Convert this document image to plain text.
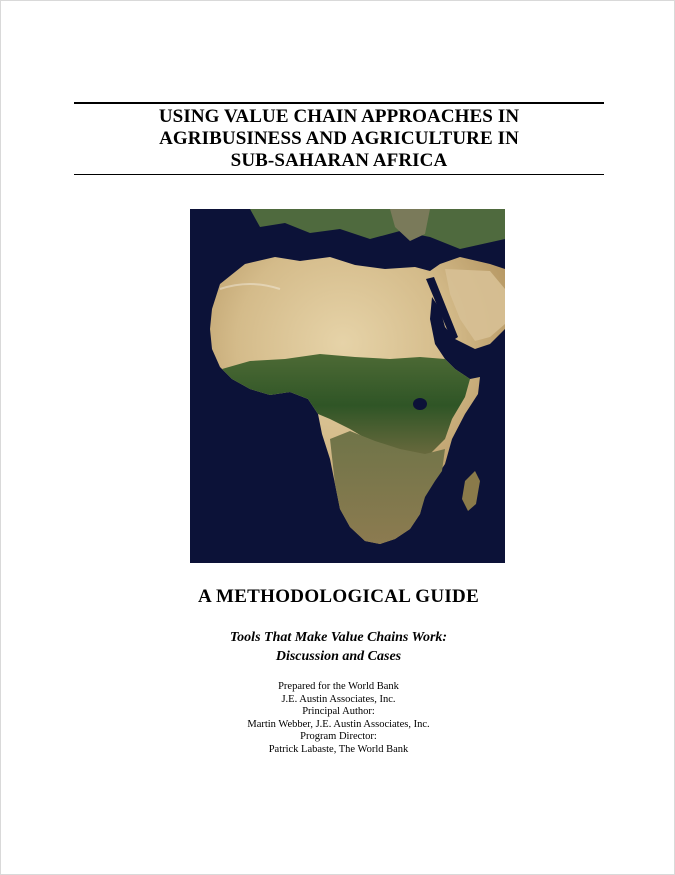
USING VALUE CHAIN APPROACHES IN
AGRIBUSINESS AND AGRICULTURE IN
SUB-SAHARAN AFRICA
A METHODOLOGICAL GUIDE
Tools That Make Value Chains Work:
Discussion and Cases
Prepared for the World Bank
J.E. Austin Associates, Inc.
Principal Author:
Martin Webber, J.E. Austin Associates, Inc.
Program Director:
Patrick Labaste, The World Bank
